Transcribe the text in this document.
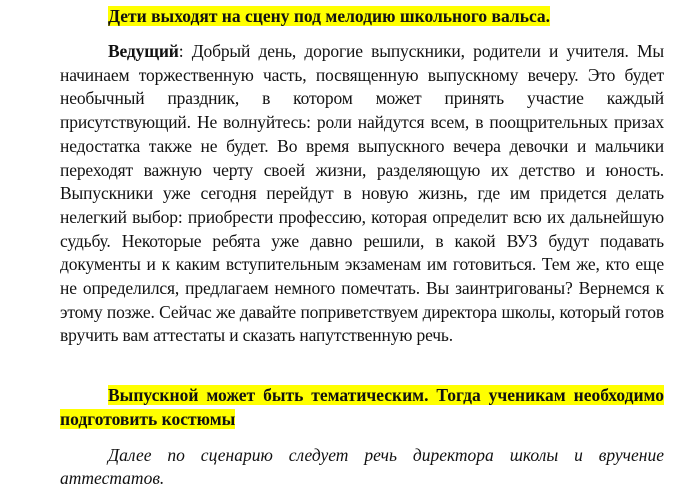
Дети выходят на сцену под мелодию школьного вальса.

Ведущий: Добрый день, дорогие выпускники, родители и учителя. Мы начинаем торжественную часть, посвященную выпускному вечеру. Это будет необычный праздник, в котором может принять участие каждый присутствующий. Не волнуйтесь: роли найдутся всем, в поощрительных призах недостатка также не будет. Во время выпускного вечера девочки и мальчики переходят важную черту своей жизни, разделяющую их детство и юность. Выпускники уже сегодня перейдут в новую жизнь, где им придется делать нелегкий выбор: приобрести профессию, которая определит всю их дальнейшую судьбу. Некоторые ребята уже давно решили, в какой ВУЗ будут подавать документы и к каким вступительным экзаменам им готовиться. Тем же, кто еще не определился, предлагаем немного помечтать. Вы заинтригованы? Вернемся к этому позже. Сейчас же давайте поприветствуем директора школы, который готов вручить вам аттестаты и сказать напутственную речь.

Выпускной может быть тематическим. Тогда ученикам необходимо подготовить костюмы

Далее по сценарию следует речь директора школы и вручение аттестатов.
